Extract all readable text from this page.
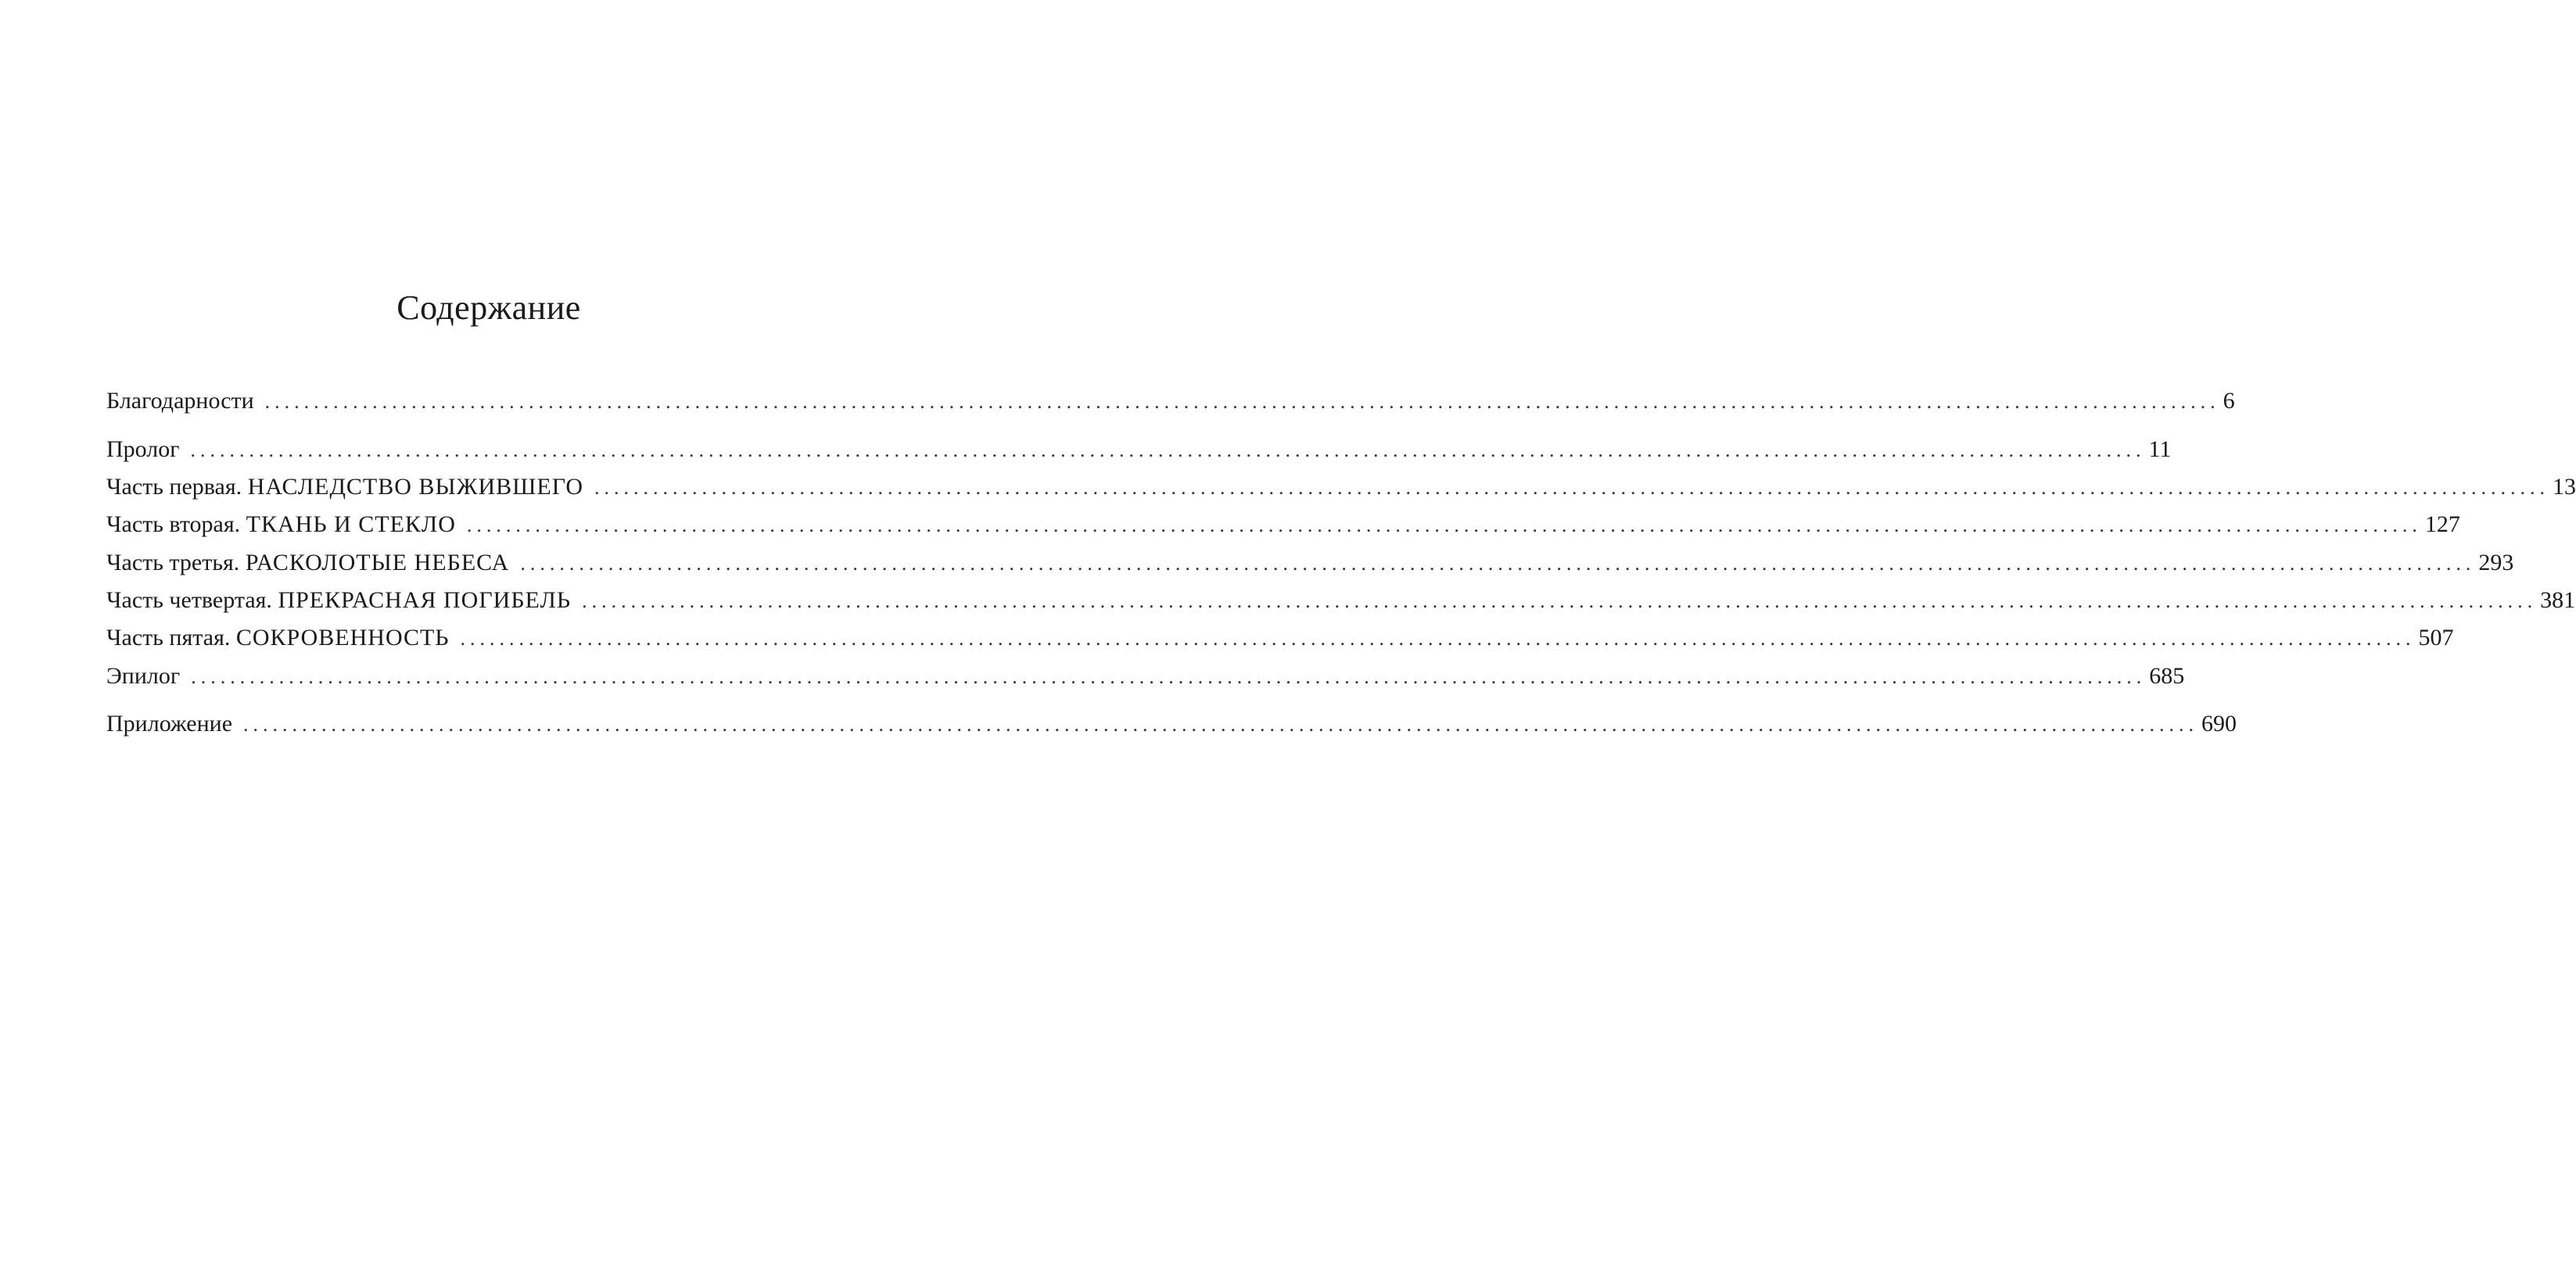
Содержание
Благодарности ........................................................................................................................................................................................................ 6
Пролог ........................................................................................................................................................................................................ 11
Часть первая. НАСЛЕДСТВО ВЫЖИВШЕГО ........................................................................................................................................................................................................ 13
Часть вторая. ТКАНЬ И СТЕКЛО ........................................................................................................................................................................................................ 127
Часть третья. РАСКОЛОТЫЕ НЕБЕСА ........................................................................................................................................................................................................ 293
Часть четвертая. ПРЕКРАСНАЯ ПОГИБЕЛЬ ........................................................................................................................................................................................................ 381
Часть пятая. СОКРОВЕННОСТЬ ........................................................................................................................................................................................................ 507
Эпилог ........................................................................................................................................................................................................ 685
Приложение ........................................................................................................................................................................................................ 690
